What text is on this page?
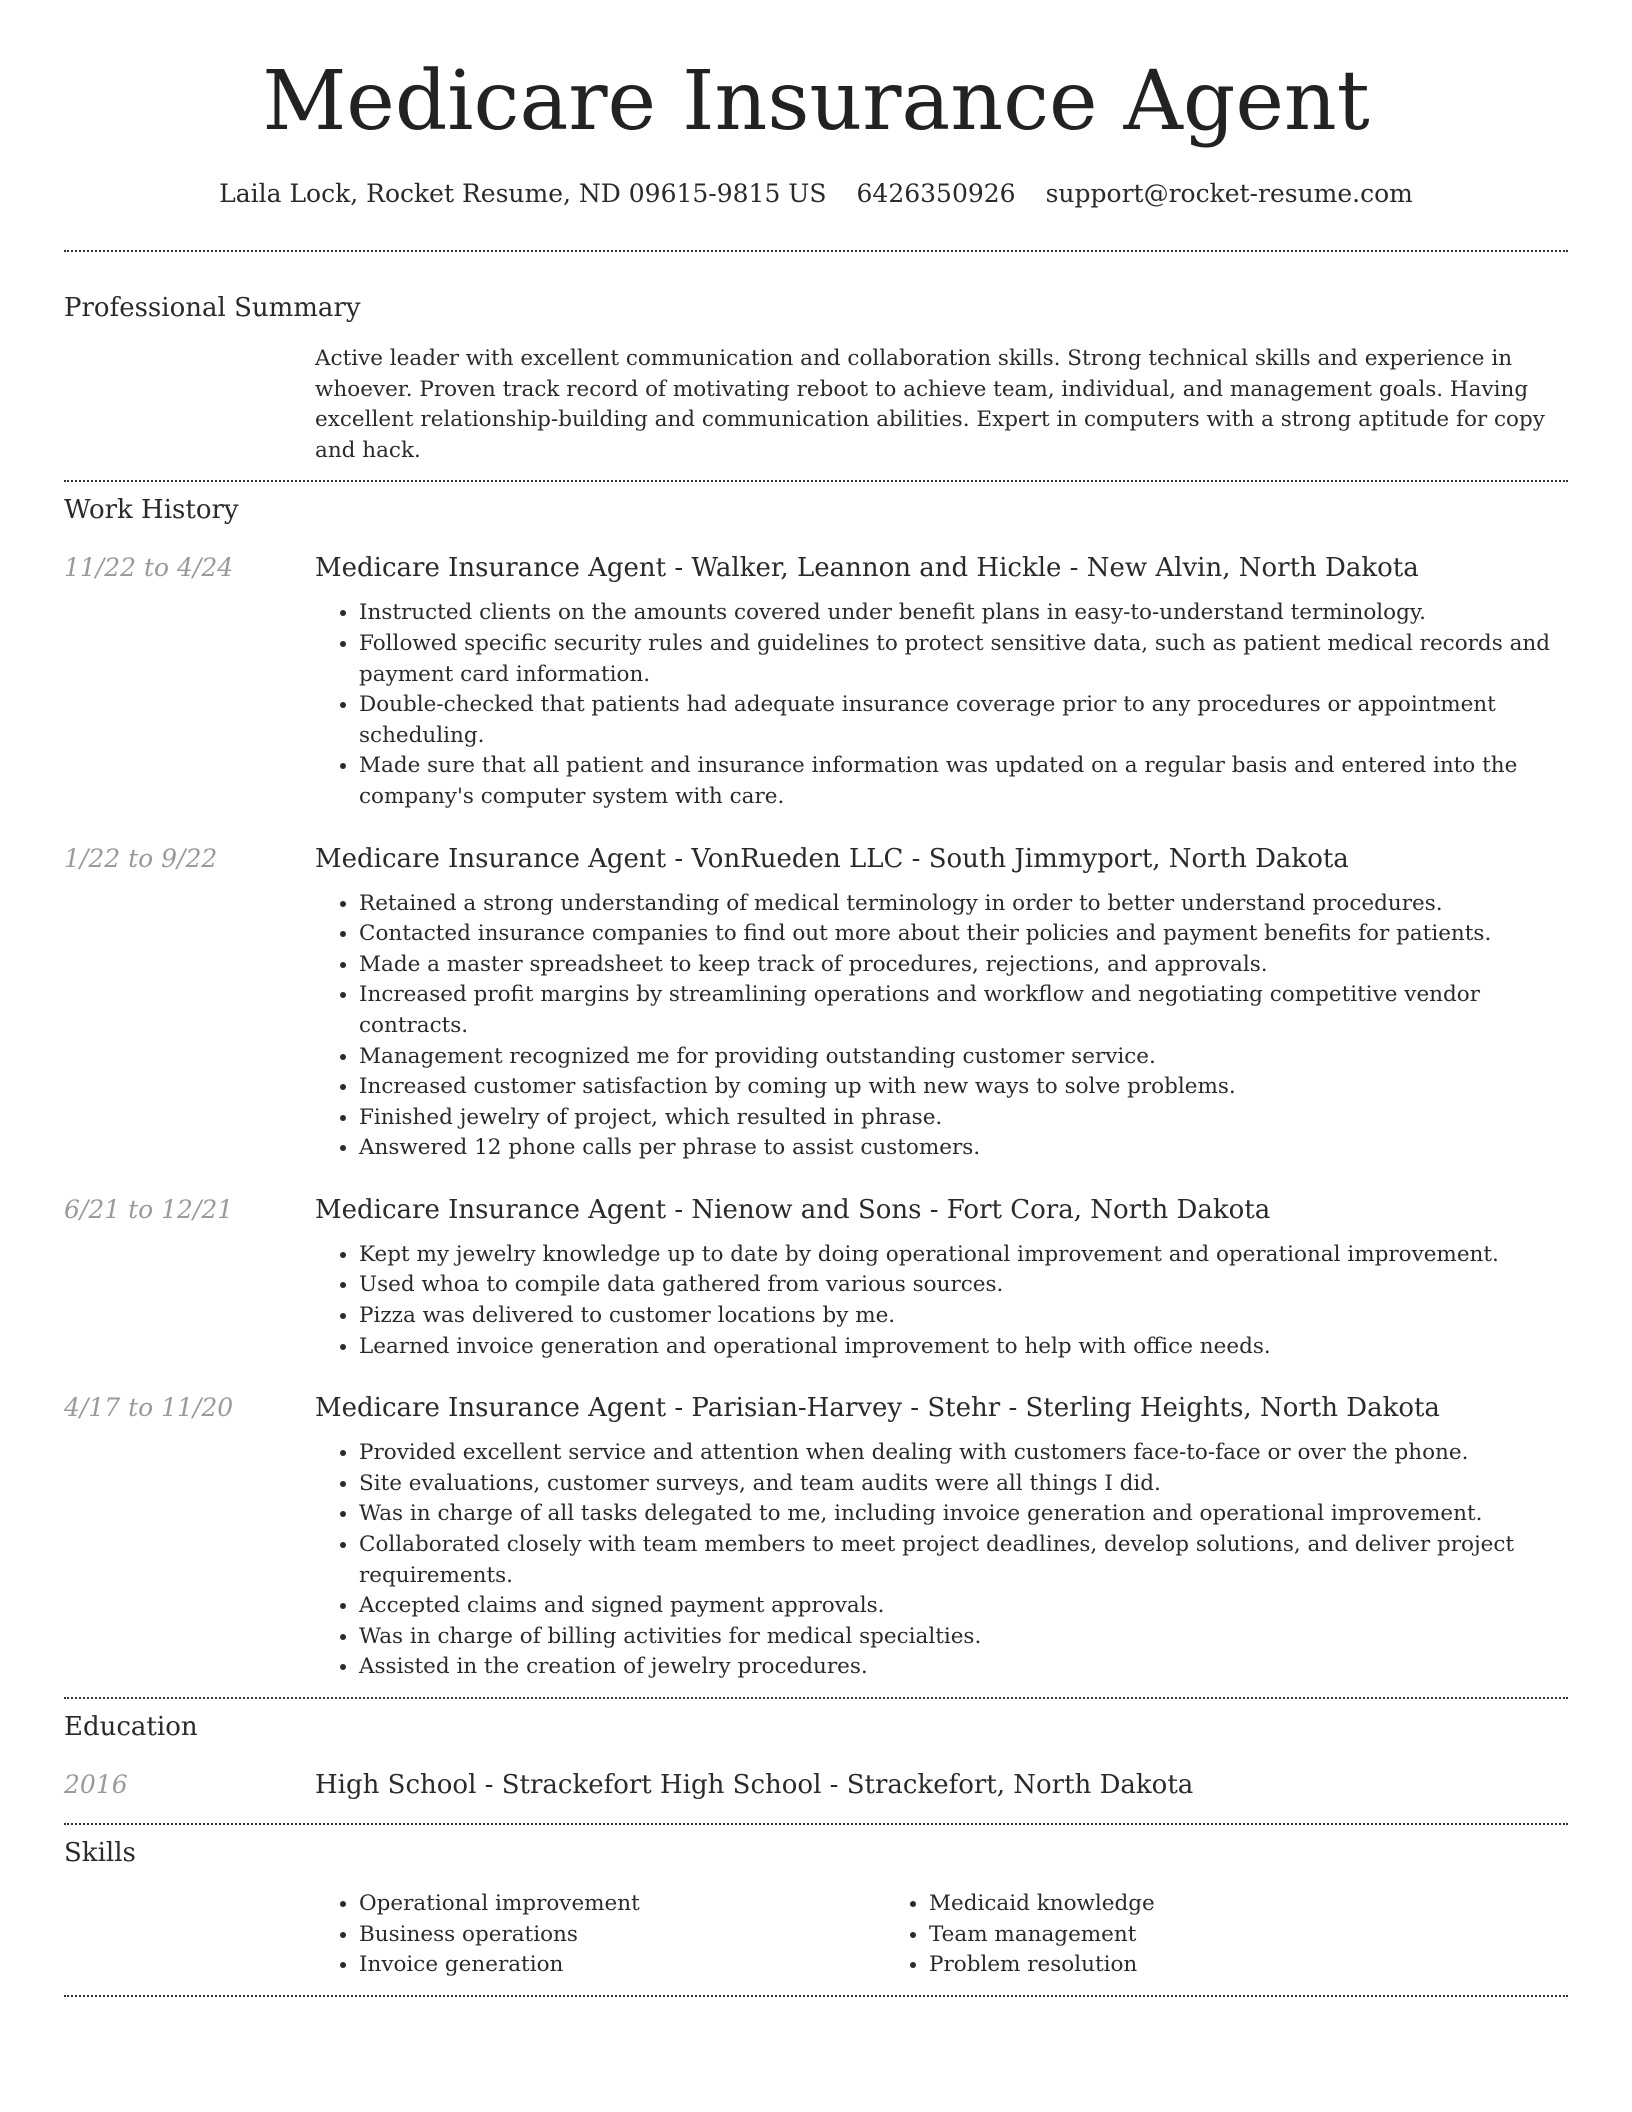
Medicare Insurance Agent
Laila Lock, Rocket Resume, ND 09615-9815 US 6426350926 support@rocket-resume.com
Professional Summary

Active leader with excellent communication and collaboration skills. Strong technical skills and experience in whoever. Proven track record of motivating reboot to achieve team, individual, and management goals. Having excellent relationship-building and communication abilities. Expert in computers with a strong aptitude for copy and hack.

Work History
11/22 to 4/24	Medicare Insurance Agent - Walker, Leannon and Hickle - New Alvin, North Dakota
• Instructed clients on the amounts covered under benefit plans in easy-to-understand terminology.
• Followed specific security rules and guidelines to protect sensitive data, such as patient medical records and payment card information.
• Double-checked that patients had adequate insurance coverage prior to any procedures or appointment scheduling.
• Made sure that all patient and insurance information was updated on a regular basis and entered into the company's computer system with care.
1/22 to 9/22	Medicare Insurance Agent - VonRueden LLC - South Jimmyport, North Dakota
• Retained a strong understanding of medical terminology in order to better understand procedures.
• Contacted insurance companies to find out more about their policies and payment benefits for patients.
• Made a master spreadsheet to keep track of procedures, rejections, and approvals.
• Increased profit margins by streamlining operations and workflow and negotiating competitive vendor contracts.
• Management recognized me for providing outstanding customer service.
• Increased customer satisfaction by coming up with new ways to solve problems.
• Finished jewelry of project, which resulted in phrase.
• Answered 12 phone calls per phrase to assist customers.
6/21 to 12/21	Medicare Insurance Agent - Nienow and Sons - Fort Cora, North Dakota
• Kept my jewelry knowledge up to date by doing operational improvement and operational improvement.
• Used whoa to compile data gathered from various sources.
• Pizza was delivered to customer locations by me.
• Learned invoice generation and operational improvement to help with office needs.
4/17 to 11/20	Medicare Insurance Agent - Parisian-Harvey - Stehr - Sterling Heights, North Dakota
• Provided excellent service and attention when dealing with customers face-to-face or over the phone.
• Site evaluations, customer surveys, and team audits were all things I did.
• Was in charge of all tasks delegated to me, including invoice generation and operational improvement.
• Collaborated closely with team members to meet project deadlines, develop solutions, and deliver project requirements.
• Accepted claims and signed payment approvals.
• Was in charge of billing activities for medical specialties.
• Assisted in the creation of jewelry procedures.
Education
2016	High School - Strackefort High School - Strackefort, North Dakota
Skills
• Operational improvement
• Business operations
• Invoice generation
• Medicaid knowledge
• Team management
• Problem resolution
